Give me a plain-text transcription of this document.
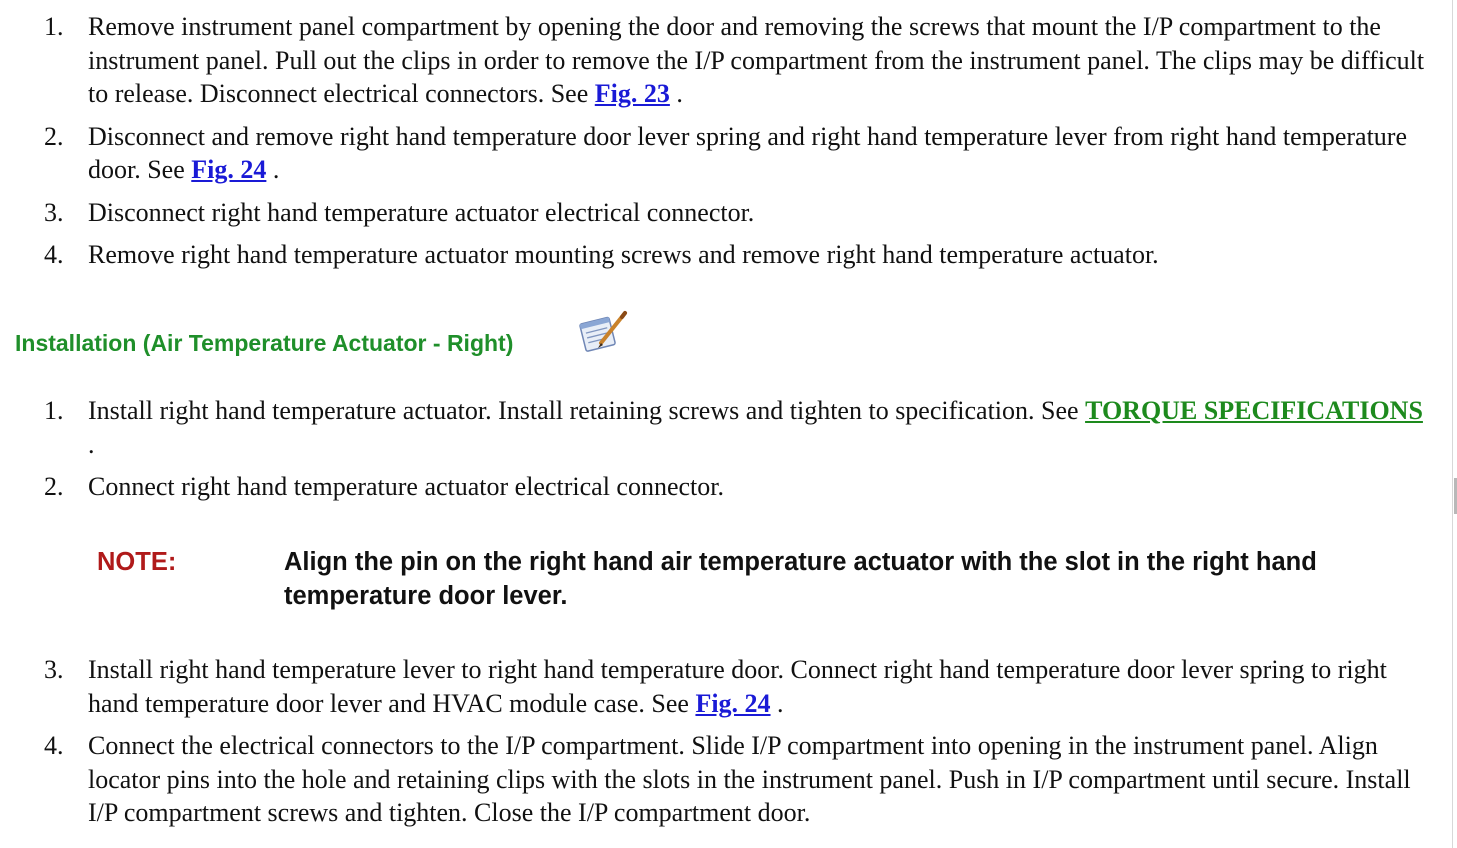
1. Remove instrument panel compartment by opening the door and removing the screws that mount the I/P compartment to the instrument panel. Pull out the clips in order to remove the I/P compartment from the instrument panel. The clips may be difficult to release. Disconnect electrical connectors. See Fig. 23 .
2. Disconnect and remove right hand temperature door lever spring and right hand temperature lever from right hand temperature door. See Fig. 24 .
3. Disconnect right hand temperature actuator electrical connector.
4. Remove right hand temperature actuator mounting screws and remove right hand temperature actuator.
Installation (Air Temperature Actuator - Right)
1. Install right hand temperature actuator. Install retaining screws and tighten to specification. See TORQUE SPECIFICATIONS .
2. Connect right hand temperature actuator electrical connector.
NOTE:	Align the pin on the right hand air temperature actuator with the slot in the right hand temperature door lever.
3. Install right hand temperature lever to right hand temperature door. Connect right hand temperature door lever spring to right hand temperature door lever and HVAC module case. See Fig. 24 .
4. Connect the electrical connectors to the I/P compartment. Slide I/P compartment into opening in the instrument panel. Align locator pins into the hole and retaining clips with the slots in the instrument panel. Push in I/P compartment until secure. Install I/P compartment screws and tighten. Close the I/P compartment door.
